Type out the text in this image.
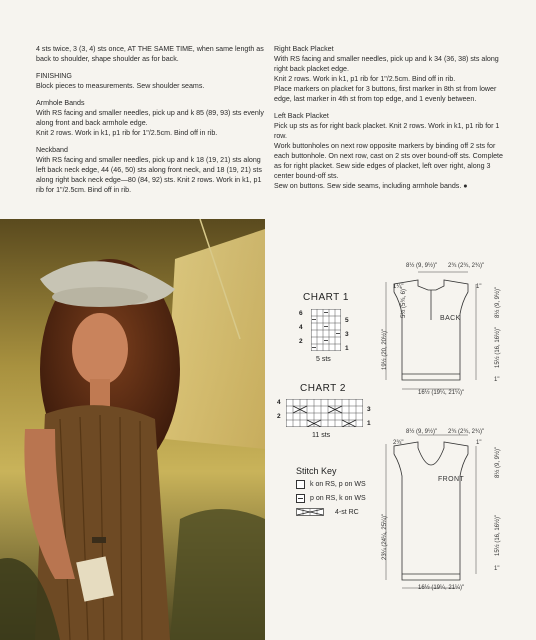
4 sts twice, 3 (3, 4) sts once, AT THE SAME TIME, when same length as back to shoulder, shape shoulder as for back.

FINISHING

Block pieces to measurements. Sew shoulder seams.

Armhole Bands

With RS facing and smaller needles, pick up and k 85 (89, 93) sts evenly along front and back armhole edge.

Knit 2 rows. Work in k1, p1 rib for 1"/2.5cm. Bind off in rib.

Neckband

With RS facing and smaller needles, pick up and k 18 (19, 21) sts along left back neck edge, 44 (46, 50) sts along front neck, and 18 (19, 21) sts along right back neck edge—80 (84, 92) sts. Knit 2 rows. Work in k1, p1 rib for 1"/2.5cm. Bind off in rib.

Right Back Placket

With RS facing and smaller needles, pick up and k 34 (36, 38) sts along right back placket edge.

Knit 2 rows. Work in k1, p1 rib for 1"/2.5cm. Bind off in rib.

Place markers on placket for 3 buttons, first marker in 8th st from lower edge, last marker in 4th st from top edge, and 1 evenly between.

Left Back Placket

Pick up sts as for right back placket. Knit 2 rows. Work in k1, p1 rib for 1 row.

Work buttonholes on next row opposite markers by binding off 2 sts for each buttonhole. On next row, cast on 2 sts over bound-off sts. Complete as for right placket. Sew side edges of placket, left over right, along 3 center bound-off sts.

Sew on buttons. Sew side seams, including armhole bands. ●

CHART 1
6
4
2
5
3
1
5 sts
CHART 2
4
2
3
1
11 sts
Stitch Key
k on RS, p on WS
p on RS, k on WS
4-st RC
8½ (9, 9½)" 2¾ (2¾, 2¾)"
1¼"	1"
5½ (5¾, 6)"	8½ (9, 9½)"
19½ (20, 20½)"	15½ (16, 16½)"
1"
BACK
16½ (19¼, 21¼)"
8½ (9, 9½)" 2¾ (2¾, 2¾)"
2¾"	1"
8½ (9, 9½)"
23¼ (24¼, 25¼)"	15½ (16, 16½)"
1"
FRONT
16½ (19¼, 21¼)"
